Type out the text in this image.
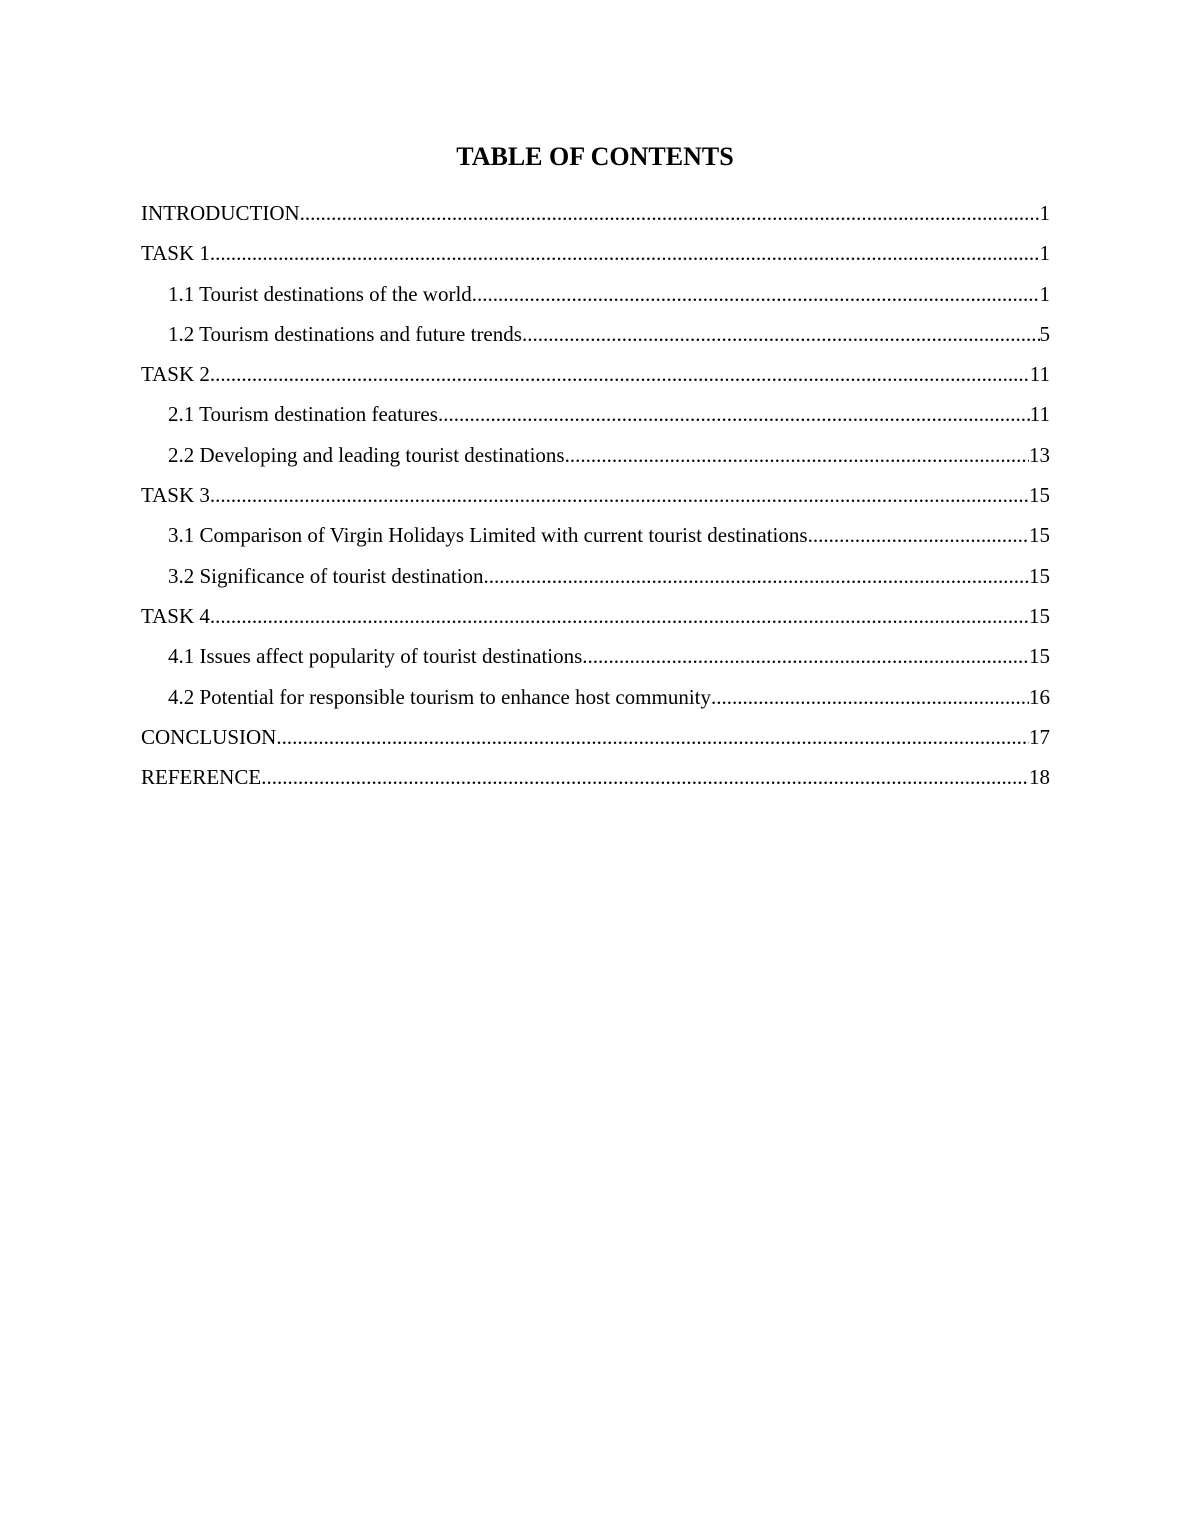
TABLE OF CONTENTS
INTRODUCTION .....	1
TASK 1 .....	1
1.1 Tourist destinations of the world .....	1
1.2 Tourism destinations and future trends .....	5
TASK 2 .....	11
2.1 Tourism destination features .....	11
2.2 Developing and leading tourist destinations .....	13
TASK 3 .....	15
3.1 Comparison of Virgin Holidays Limited with current tourist destinations .....	15
3.2 Significance of tourist destination .....	15
TASK 4 .....	15
4.1 Issues affect popularity of tourist destinations .....	15
4.2 Potential for responsible tourism to enhance host community .....	16
CONCLUSION .....	17
REFERENCE .....	18
